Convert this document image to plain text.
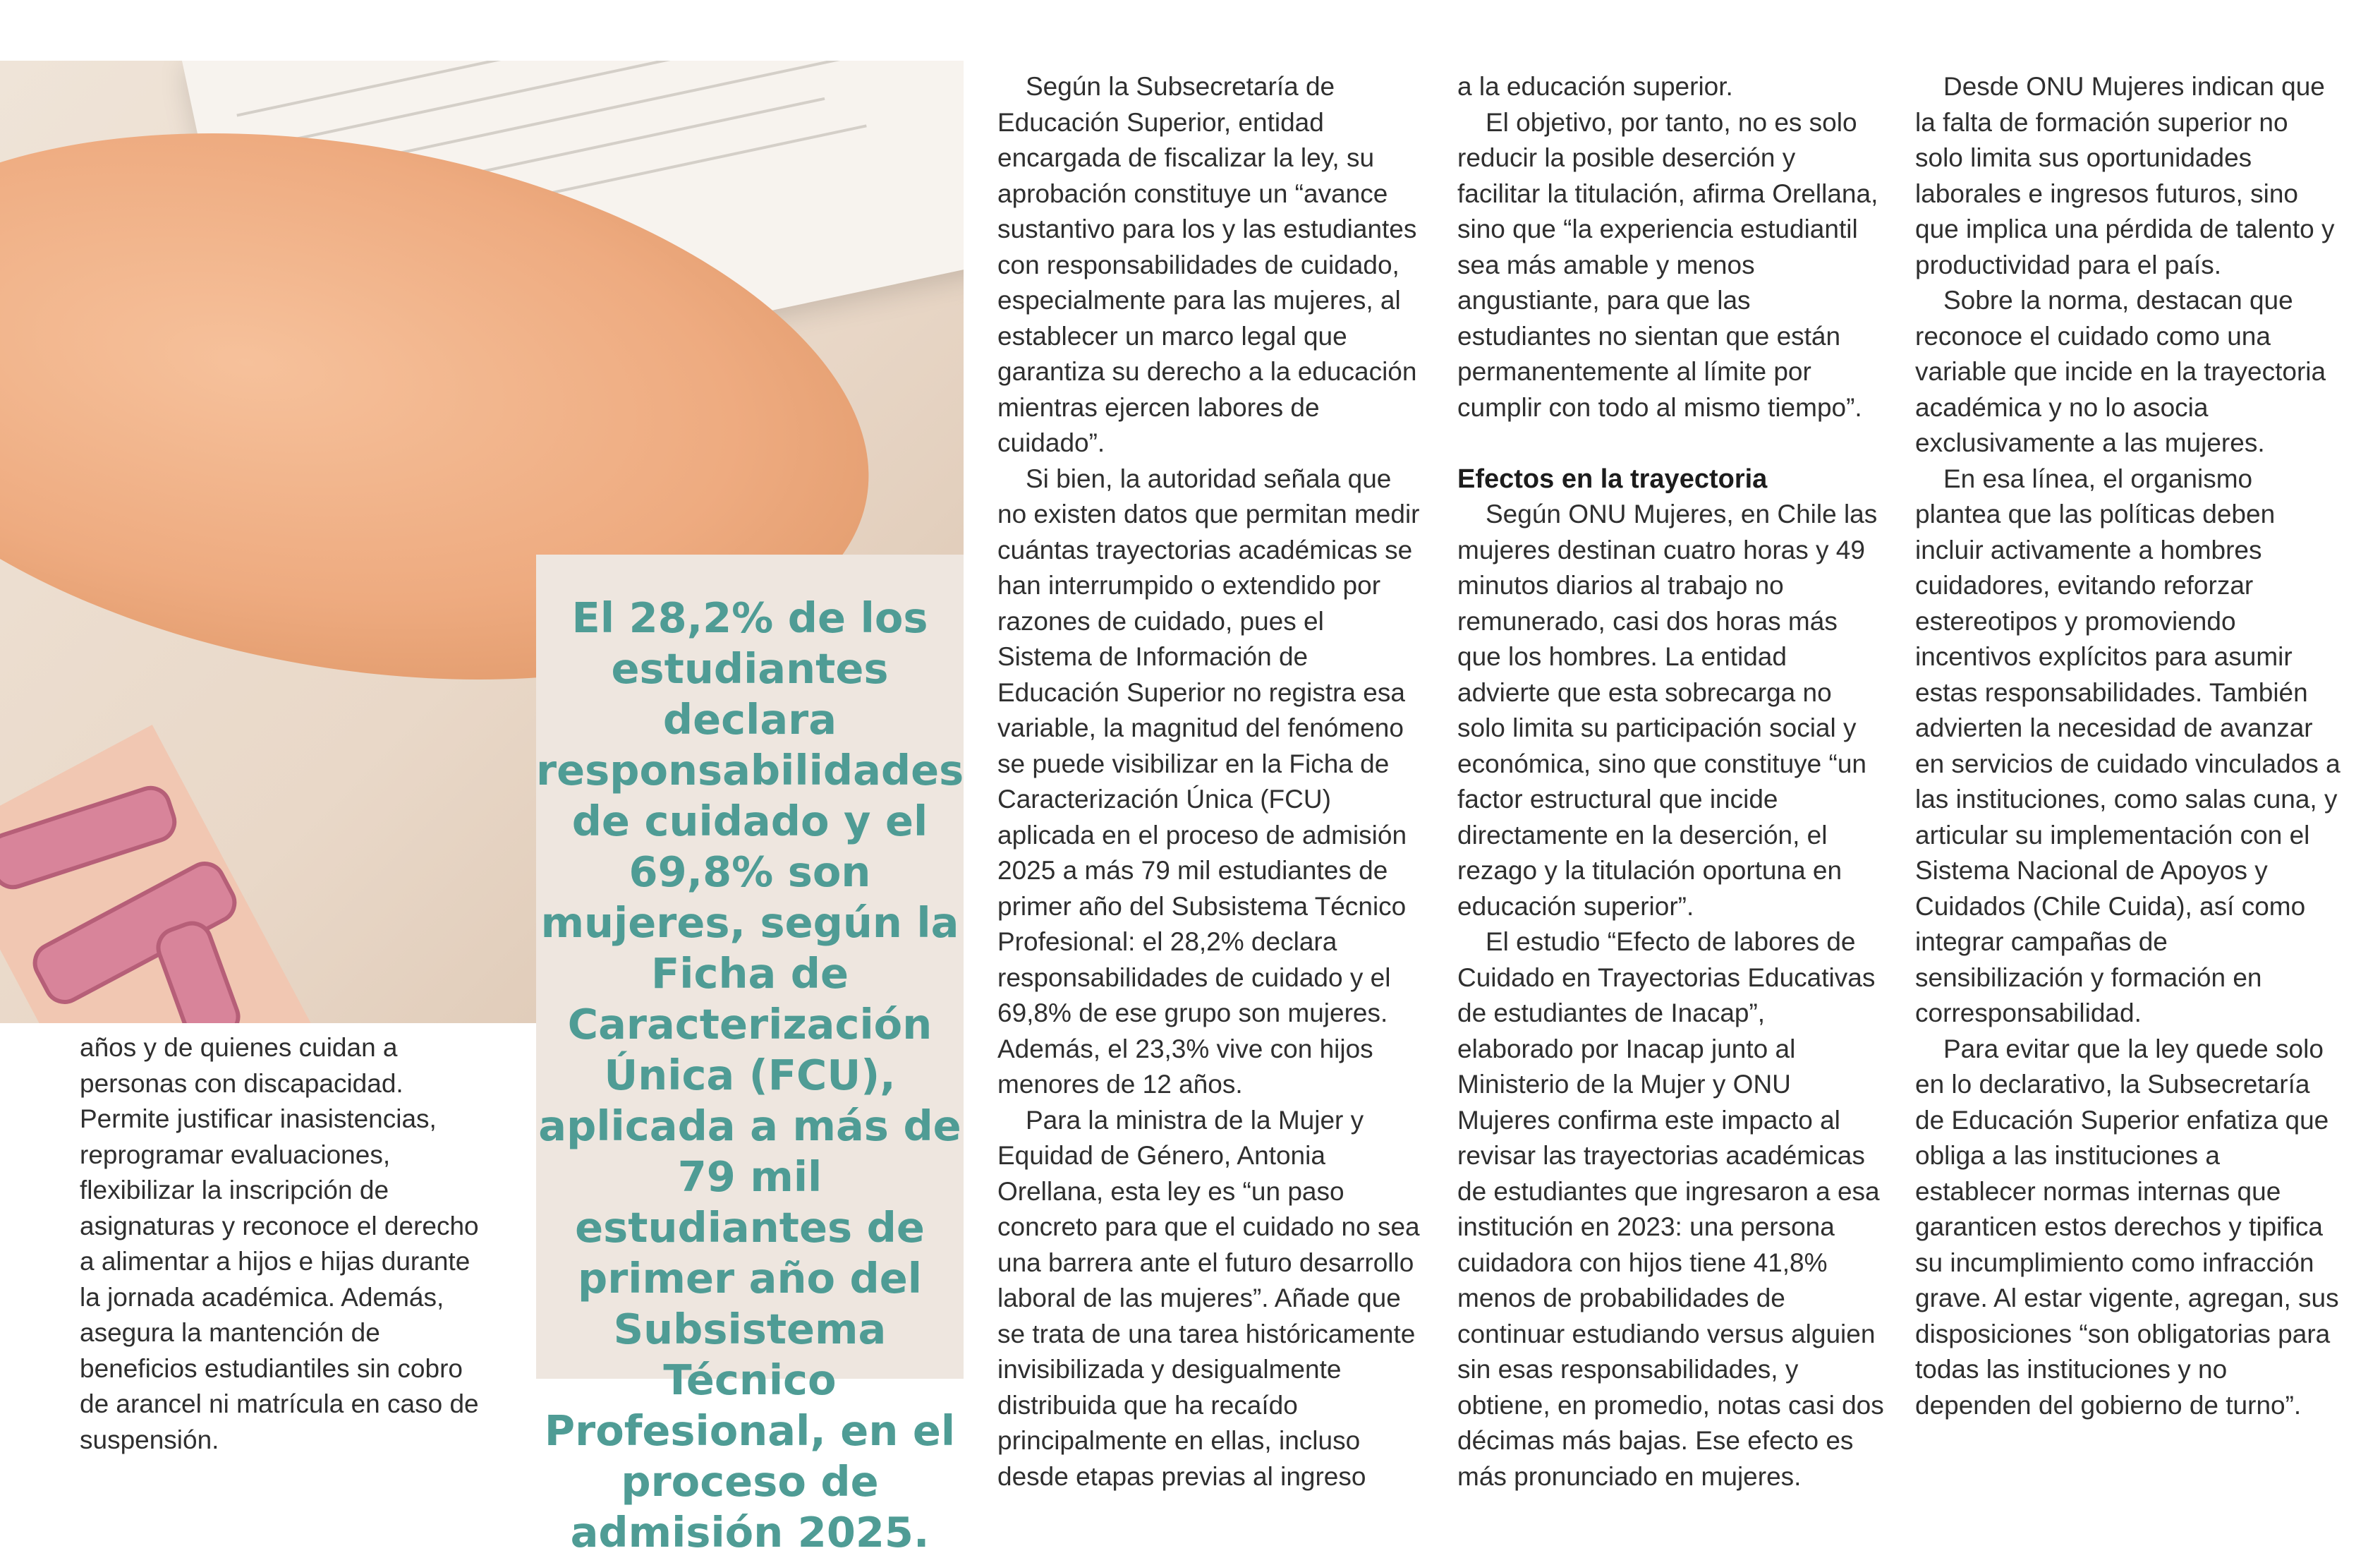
El 28,2% de los estudiantes declara responsabilidades de cuidado y el 69,8% son mujeres, según la Ficha de Caracterización Única (FCU), aplicada a más de 79 mil estudiantes de primer año del Subsistema Técnico Profesional, en el proceso de admisión 2025.

años y de quienes cuidan a personas con discapacidad. Permite justificar inasistencias, reprogramar evaluaciones, flexibilizar la inscripción de asignaturas y reconoce el derecho a alimentar a hijos e hijas durante la jornada académica. Además, asegura la mantención de beneficios estudiantiles sin cobro de arancel ni matrícula en caso de suspensión.

Según la Subsecretaría de Educación Superior, entidad encargada de fiscalizar la ley, su aprobación constituye un “avance sustantivo para los y las estudiantes con responsabilidades de cuidado, especialmente para las mujeres, al establecer un marco legal que garantiza su derecho a la educación mientras ejercen labores de cuidado”.

Si bien, la autoridad señala que no existen datos que permitan medir cuántas trayectorias académicas se han interrumpido o extendido por razones de cuidado, pues el Sistema de Información de Educación Superior no registra esa variable, la magnitud del fenómeno se puede visibilizar en la Ficha de Caracterización Única (FCU) aplicada en el proceso de admisión 2025 a más 79 mil estudiantes de primer año del Subsistema Técnico Profesional: el 28,2% declara responsabilidades de cuidado y el 69,8% de ese grupo son mujeres. Además, el 23,3% vive con hijos menores de 12 años.

Para la ministra de la Mujer y Equidad de Género, Antonia Orellana, esta ley es “un paso concreto para que el cuidado no sea una barrera ante el futuro desarrollo laboral de las mujeres”. Añade que se trata de una tarea históricamente invisibilizada y desigualmente distribuida que ha recaído principalmente en ellas, incluso desde etapas previas al ingreso

a la educación superior.

El objetivo, por tanto, no es solo reducir la posible deserción y facilitar la titulación, afirma Orellana, sino que “la experiencia estudiantil sea más amable y menos angustiante, para que las estudiantes no sientan que están permanentemente al límite por cumplir con todo al mismo tiempo”.

Efectos en la trayectoria

Según ONU Mujeres, en Chile las mujeres destinan cuatro horas y 49 minutos diarios al trabajo no remunerado, casi dos horas más que los hombres. La entidad advierte que esta sobrecarga no solo limita su participación social y económica, sino que constituye “un factor estructural que incide directamente en la deserción, el rezago y la titulación oportuna en educación superior”.

El estudio “Efecto de labores de Cuidado en Trayectorias Educativas de estudiantes de Inacap”, elaborado por Inacap junto al Ministerio de la Mujer y ONU Mujeres confirma este impacto al revisar las trayectorias académicas de estudiantes que ingresaron a esa institución en 2023: una persona cuidadora con hijos tiene 41,8% menos de probabilidades de continuar estudiando versus alguien sin esas responsabilidades, y obtiene, en promedio, notas casi dos décimas más bajas. Ese efecto es más pronunciado en mujeres.

Desde ONU Mujeres indican que la falta de formación superior no solo limita sus oportunidades laborales e ingresos futuros, sino que implica una pérdida de talento y productividad para el país.

Sobre la norma, destacan que reconoce el cuidado como una variable que incide en la trayectoria académica y no lo asocia exclusivamente a las mujeres.

En esa línea, el organismo plantea que las políticas deben incluir activamente a hombres cuidadores, evitando reforzar estereotipos y promoviendo incentivos explícitos para asumir estas responsabilidades. También advierten la necesidad de avanzar en servicios de cuidado vinculados a las instituciones, como salas cuna, y articular su implementación con el Sistema Nacional de Apoyos y Cuidados (Chile Cuida), así como integrar campañas de sensibilización y formación en corresponsabilidad.

Para evitar que la ley quede solo en lo declarativo, la Subsecretaría de Educación Superior enfatiza que obliga a las instituciones a establecer normas internas que garanticen estos derechos y tipifica su incumplimiento como infracción grave. Al estar vigente, agregan, sus disposiciones “son obligatorias para todas las instituciones y no dependen del gobierno de turno”.
